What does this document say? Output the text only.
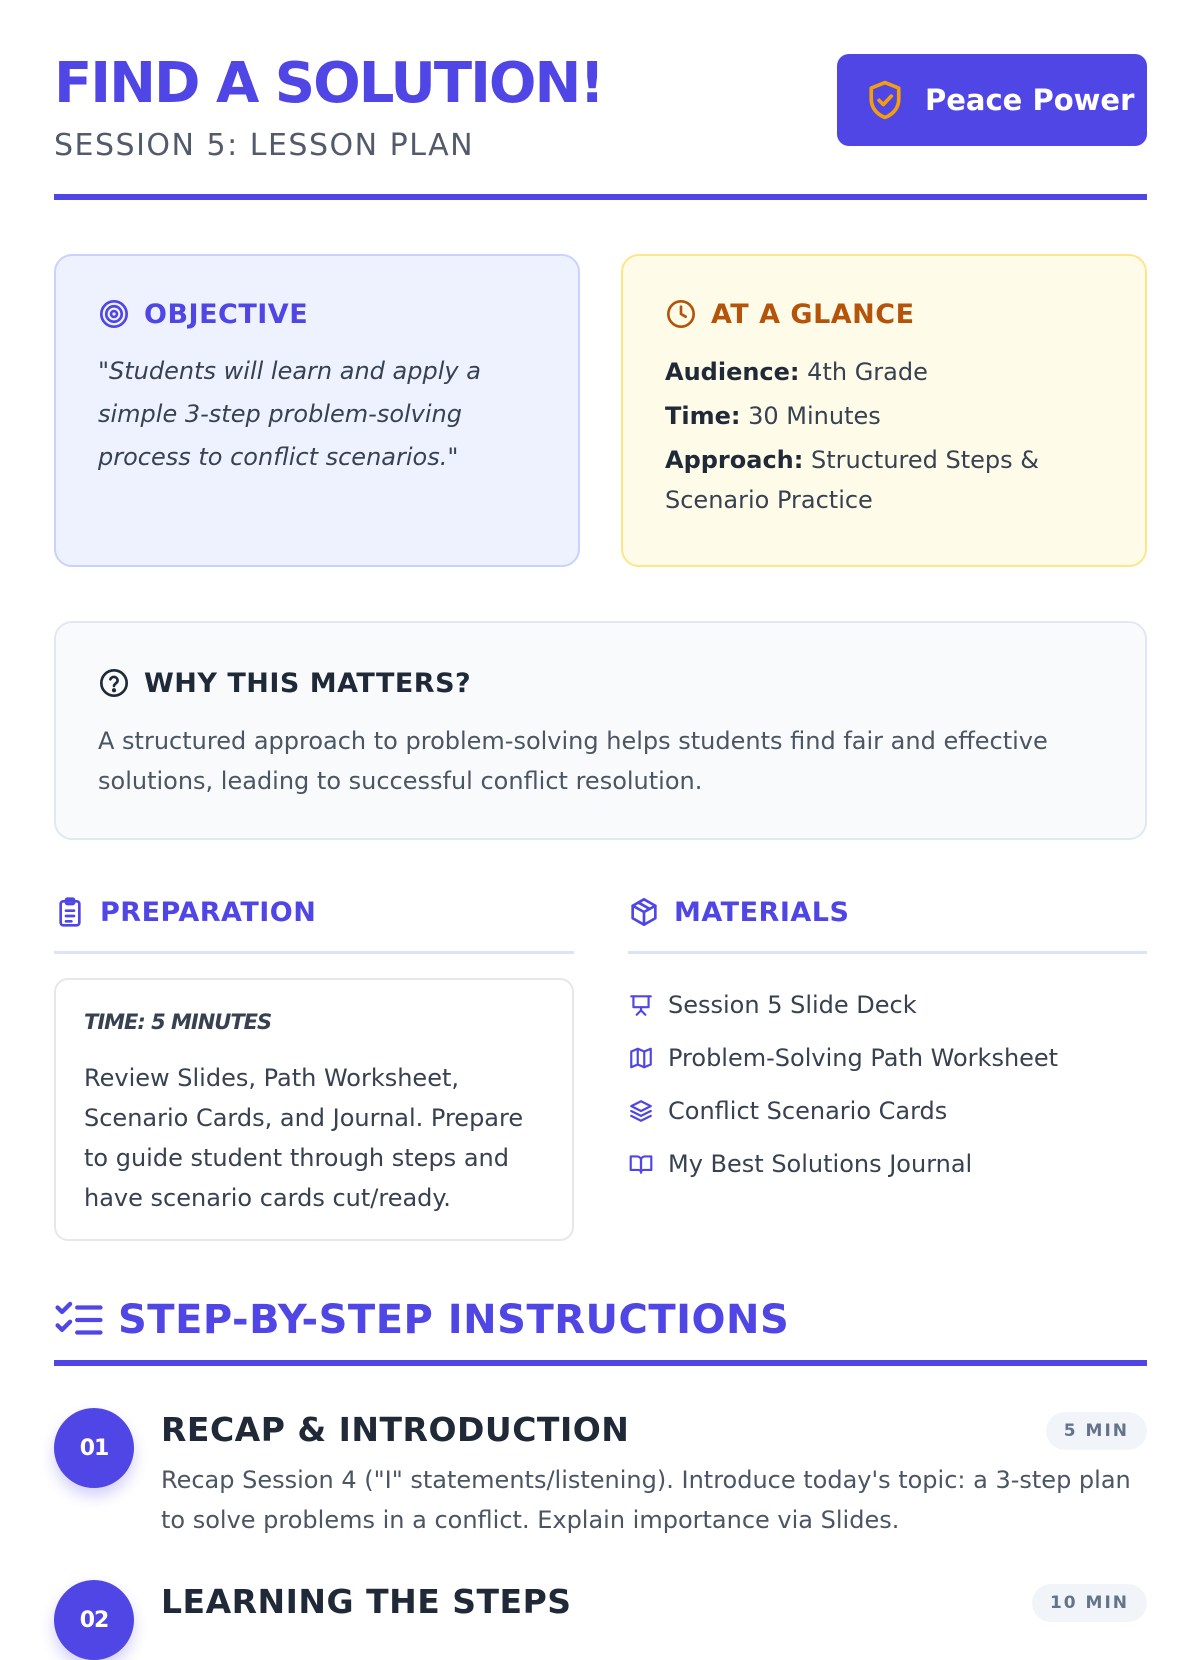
FIND A SOLUTION!
SESSION 5: LESSON PLAN
Peace Power
OBJECTIVE
"Students will learn and apply a simple 3-step problem-solving process to conflict scenarios."
AT A GLANCE
Audience: 4th Grade
Time: 30 Minutes
Approach: Structured Steps & Scenario Practice
WHY THIS MATTERS?
A structured approach to problem-solving helps students find fair and effective solutions, leading to successful conflict resolution.
PREPARATION
TIME: 5 MINUTES
Review Slides, Path Worksheet, Scenario Cards, and Journal. Prepare to guide student through steps and have scenario cards cut/ready.
MATERIALS
Session 5 Slide Deck
Problem-Solving Path Worksheet
Conflict Scenario Cards
My Best Solutions Journal
STEP-BY-STEP INSTRUCTIONS
01	RECAP & INTRODUCTION	5 MIN
Recap Session 4 ("I" statements/listening). Introduce today's topic: a 3-step plan to solve problems in a conflict. Explain importance via Slides.
02	LEARNING THE STEPS	10 MIN
